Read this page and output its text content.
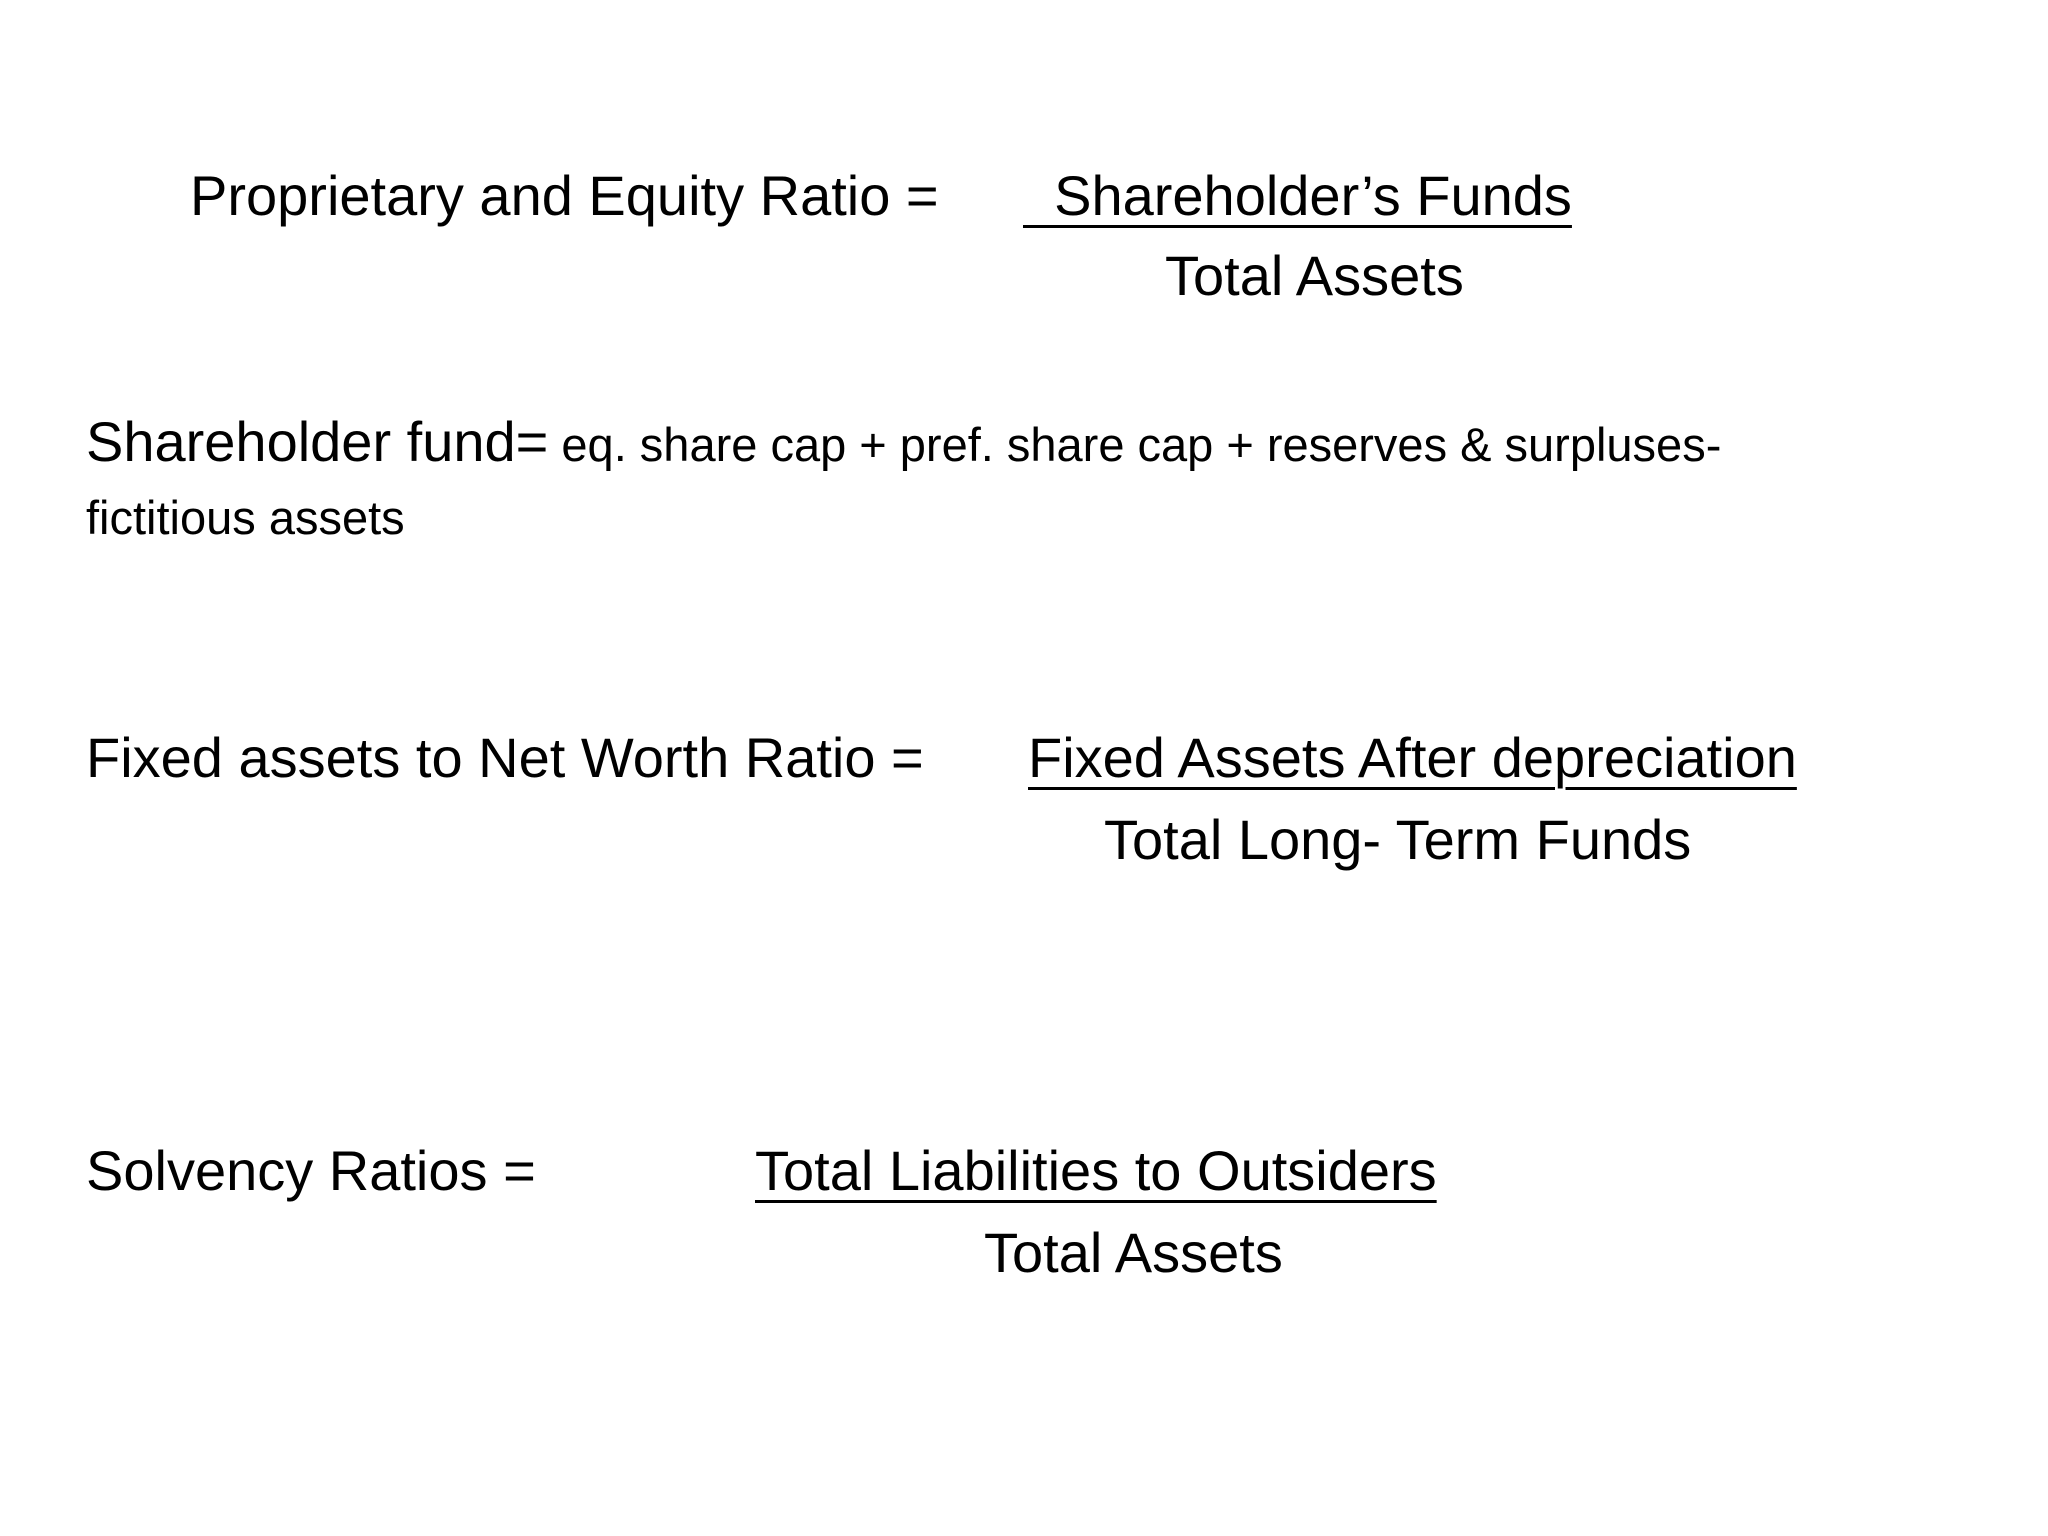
Proprietary and Equity Ratio = Shareholder’s Funds
Total Assets
Shareholder fund= eq. share cap + pref. share cap + reserves & surpluses-
fictitious assets
Fixed assets to Net Worth Ratio = Fixed Assets After depreciation
Total Long- Term Funds
Solvency Ratios =	Total Liabilities to Outsiders
Total Assets
